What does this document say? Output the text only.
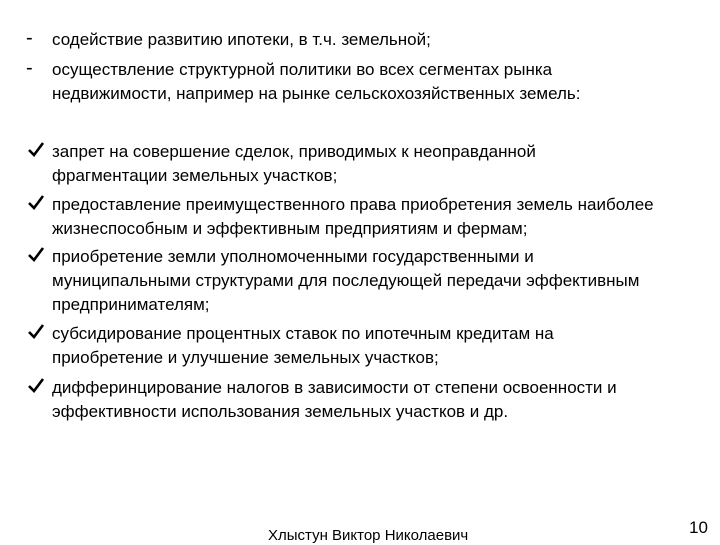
-	содействие развитию ипотеки, в т.ч. земельной;
-	осуществление структурной политики во всех сегментах рынка
недвижимости, например на рынке сельскохозяйственных земель:
запрет на совершение сделок, приводимых к неоправданной
фрагментации земельных участков;
предоставление преимущественного права приобретения земель наиболее
жизнеспособным и эффективным предприятиям и фермам;
приобретение земли уполномоченными государственными и
муниципальными структурами для последующей передачи эффективным
предпринимателям;
субсидирование процентных ставок по ипотечным кредитам на
приобретение и улучшение земельных участков;
дифферинцирование налогов в зависимости от степени освоенности и
эффективности использования земельных участков и др.
Хлыстун Виктор Николаевич	10
